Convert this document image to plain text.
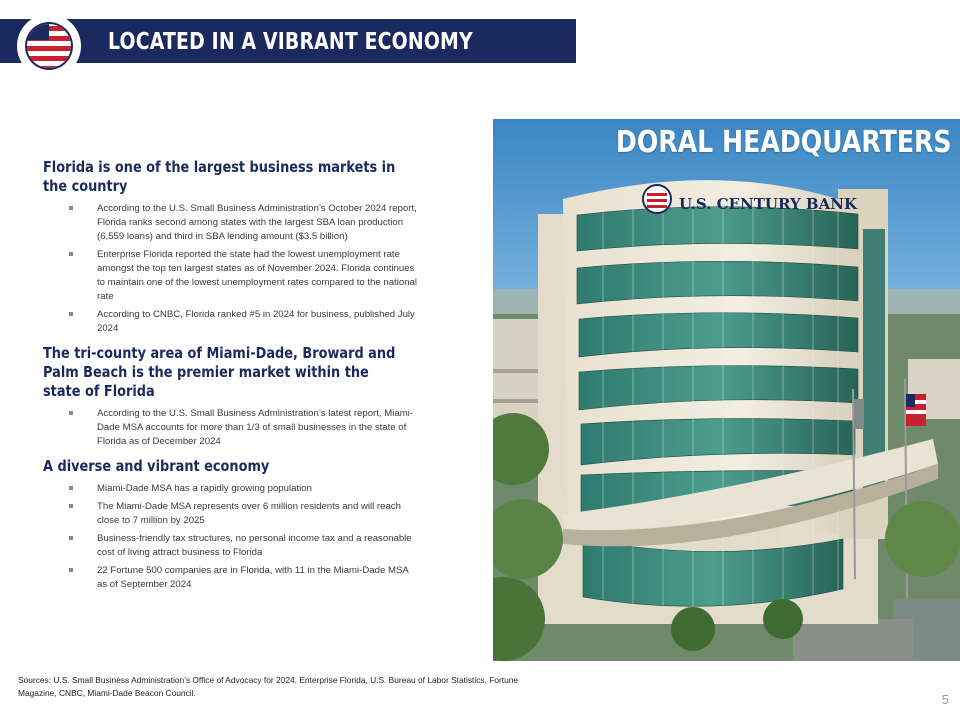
LOCATED IN A VIBRANT ECONOMY
Florida is one of the largest business markets in the country
According to the U.S. Small Business Administration’s October 2024 report, Florida ranks second among states with the largest SBA loan production (6,559 loans) and third in SBA lending amount ($3.5 billion)
Enterprise Florida reported the state had the lowest unemployment rate amongst the top ten largest states as of November 2024. Florida continues to maintain one of the lowest unemployment rates compared to the national rate
According to CNBC, Florida ranked #5 in 2024 for business, published July 2024
The tri-county area of Miami-Dade, Broward and Palm Beach is the premier market within the state of Florida
According to the U.S. Small Business Administration’s latest report, Miami-Dade MSA accounts for more than 1/3 of small businesses in the state of Florida as of December 2024
A diverse and vibrant economy
Miami-Dade MSA has a rapidly growing population
The Miami-Dade MSA represents over 6 million residents and will reach close to 7 million by 2025
Business-friendly tax structures, no personal income tax and a reasonable cost of living attract business to Florida
22 Fortune 500 companies are in Florida, with 11 in the Miami-Dade MSA as of September 2024
U.S. CENTURY BANK
DORAL HEADQUARTERS
Sources: U.S. Small Business Administration’s Office of Advocacy for 2024, Enterprise Florida, U.S. Bureau of Labor Statistics, Fortune Magazine, CNBC, Miami-Dade Beacon Council.	5
